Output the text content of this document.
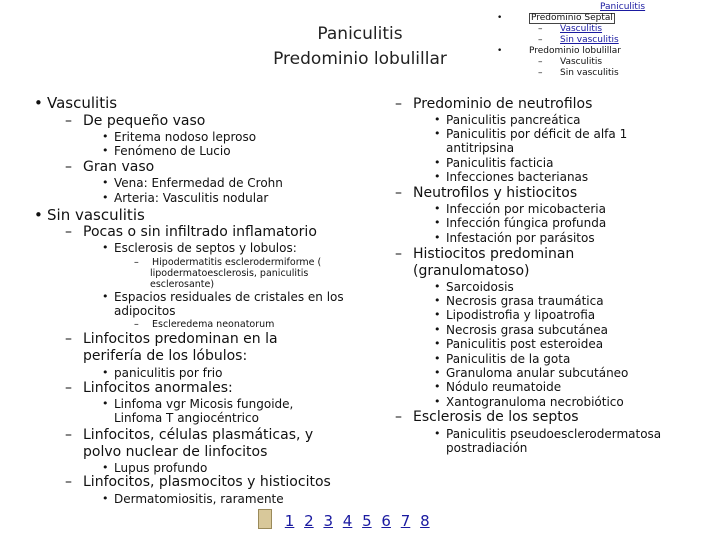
Paniculitis
Predominio lobulillar
Paniculitis
•	Predominio Septal
– Vasculitis
– Sin vasculitis
•	Predominio lobulillar
– Vasculitis
– Sin vasculitis
• Vasculitis
– De pequeño vaso
• Eritema nodoso leproso
• Fenómeno de Lucio
– Gran vaso
• Vena: Enfermedad de Crohn
• Arteria: Vasculitis nodular
• Sin vasculitis
– Pocas o sin infiltrado inflamatorio
• Esclerosis de septos y lobulos:
– Hipodermatitis esclerodermiforme (
lipodermatoesclerosis, paniculitis
esclerosante)
• Espacios residuales de cristales en los
adipocitos
– Escleredema neonatorum
– Linfocitos predominan en la
perifería de los lóbulos:
• paniculitis por frio
– Linfocitos anormales:
• Linfoma vgr Micosis fungoide,
Linfoma T angiocéntrico
– Linfocitos, células plasmáticas, y
polvo nuclear de linfocitos
• Lupus profundo
– Linfocitos, plasmocitos y histiocitos
• Dermatomiositis, raramente
– Predominio de neutrofilos
• Paniculitis pancreática
• Paniculitis por déficit de alfa 1
antitripsina
• Paniculitis facticia
• Infecciones bacterianas
– Neutrofilos y histiocitos
• Infección por micobacteria
• Infección fúngica profunda
• Infestación por parásitos
– Histiocitos predominan
(granulomatoso)
• Sarcoidosis
• Necrosis grasa traumática
• Lipodistrofia y lipoatrofia
• Necrosis grasa subcutánea
• Paniculitis post esteroidea
• Paniculitis de la gota
• Granuloma anular subcutáneo
• Nódulo reumatoide
• Xantogranuloma necrobiótico
– Esclerosis de los septos
• Paniculitis pseudoesclerodermatosa
postradiación
1 2 3 4 5 6 7 8
